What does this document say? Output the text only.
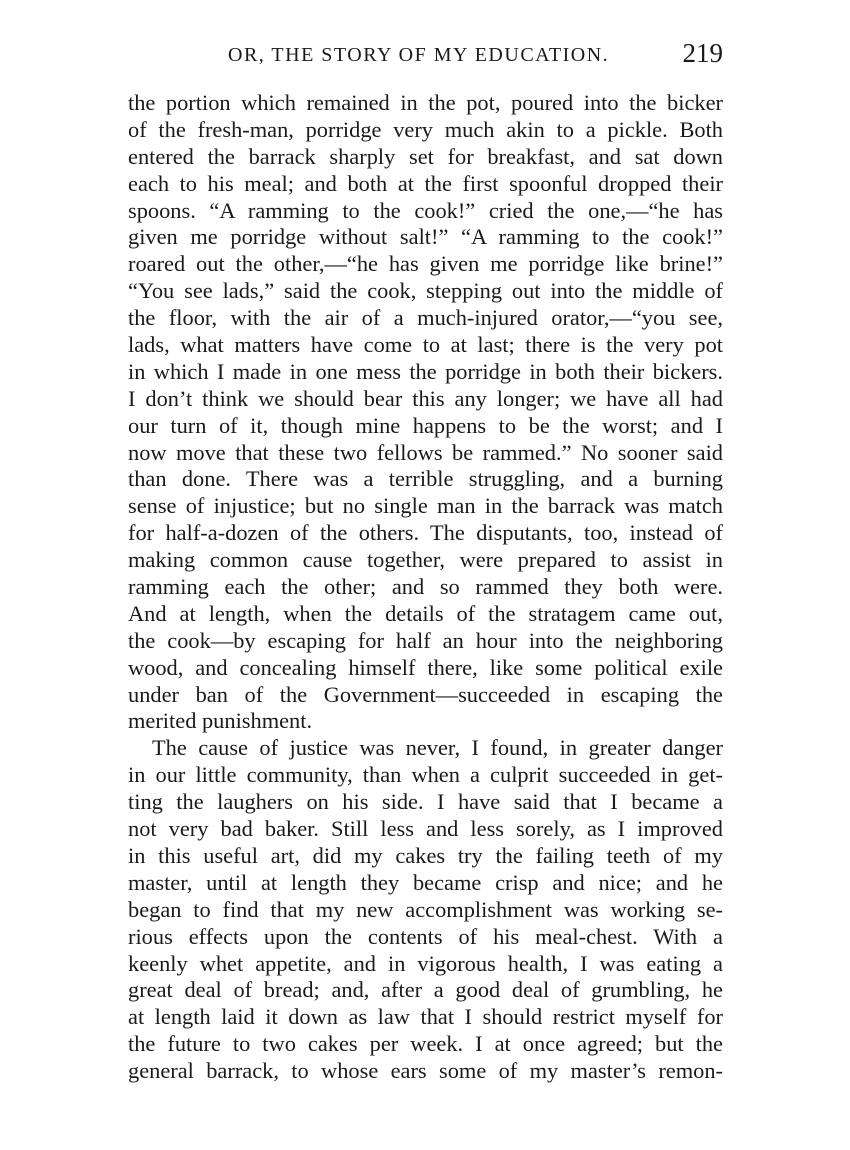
OR, THE STORY OF MY EDUCATION.	219
the portion which remained in the pot, poured into the bicker
of the fresh-man, porridge very much akin to a pickle. Both
entered the barrack sharply set for breakfast, and sat down
each to his meal; and both at the first spoonful dropped their
spoons. “A ramming to the cook!” cried the one,—“he has
given me porridge without salt!” “A ramming to the cook!”
roared out the other,—“he has given me porridge like brine!”
“You see lads,” said the cook, stepping out into the middle of
the floor, with the air of a much-injured orator,—“you see,
lads, what matters have come to at last; there is the very pot
in which I made in one mess the porridge in both their bickers.
I don’t think we should bear this any longer; we have all had
our turn of it, though mine happens to be the worst; and I
now move that these two fellows be rammed.” No sooner said
than done. There was a terrible struggling, and a burning
sense of injustice; but no single man in the barrack was match
for half-a-dozen of the others. The disputants, too, instead of
making common cause together, were prepared to assist in
ramming each the other; and so rammed they both were.
And at length, when the details of the stratagem came out,
the cook—by escaping for half an hour into the neighboring
wood, and concealing himself there, like some political exile
under ban of the Government—succeeded in escaping the
merited punishment.
The cause of justice was never, I found, in greater danger
in our little community, than when a culprit succeeded in get-
ting the laughers on his side. I have said that I became a
not very bad baker. Still less and less sorely, as I improved
in this useful art, did my cakes try the failing teeth of my
master, until at length they became crisp and nice; and he
began to find that my new accomplishment was working se-
rious effects upon the contents of his meal-chest. With a
keenly whet appetite, and in vigorous health, I was eating a
great deal of bread; and, after a good deal of grumbling, he
at length laid it down as law that I should restrict myself for
the future to two cakes per week. I at once agreed; but the
general barrack, to whose ears some of my master’s remon-
